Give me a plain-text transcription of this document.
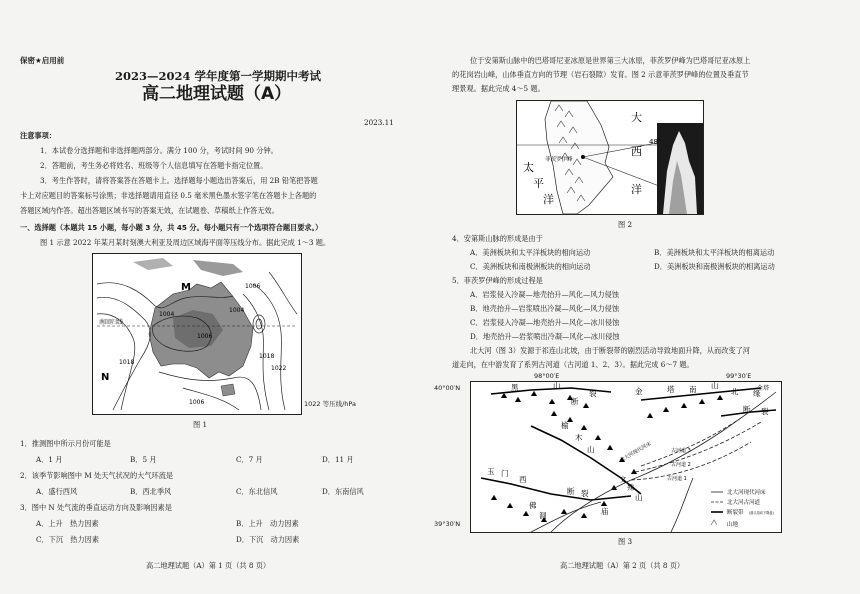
保密★启用前
2023—2024 学年度第一学期期中考试
高二地理试题（A）
2023.11
注意事项：
1．本试卷分选择题和非选择题两部分。满分 100 分，考试时间 90 分钟。
2．答题前，考生务必将姓名、班级等个人信息填写在答题卡指定位置。
3．考生作答时，请将答案答在答题卡上。选择题每小题选出答案后，用 2B 铅笔把答题
卡上对应题目的答案标号涂黑；非选择题请用直径 0.5 毫米黑色墨水签字笔在答题卡上各题的
答题区域内作答。超出答题区域书写的答案无效，在试题卷、草稿纸上作答无效。
一、选择题（本题共 15 小题，每小题 3 分，共 45 分。每小题只有一个选项符合题目要求。）
图 1 示意 2022 年某月某时刻澳大利亚及周边区域海平面等压线分布。据此完成 1～3 题。
南回归线
M
N
1006
1004
1004
1006
1018
1018
1022
1006	1022 等压线/hPa
图 1
1．推测图中所示月份可能是
A．1 月	B．5 月	C．7 月	D．11 月
2．该季节影响图中 M 处天气状况的大气环流是
A．盛行西风	B．西北季风	C．东北信风	D．东南信风
3．图中 N 处气流的垂直运动方向及影响因素是
A．上升　热力因素	B．上升　动力因素
C．下沉　热力因素	D．下沉　动力因素
高二地理试题（A）第 1 页（共 8 页）
位于安第斯山脉中的巴塔哥尼亚冰原是世界第三大冰原，菲茨罗伊峰为巴塔哥尼亚冰原上
的花岗岩山峰，山体垂直方向的节理（岩石裂隙）发育。图 2 示意菲茨罗伊峰的位置及垂直节
理景观。据此完成 4～5 题。
大
西
洋
太
平
洋
48°
菲茨罗伊峰
图 2
4．安第斯山脉的形成是由于
A．美洲板块和太平洋板块的相向运动	B．美洲板块和太平洋板块的相离运动
C．美洲板块和南极洲板块的相向运动	D．美洲板块和南极洲板块的相离运动
5．菲茨罗伊峰的形成过程是
A．岩浆侵入冷凝—地壳抬升—风化—风力侵蚀
B．地壳抬升—岩浆喷出冷凝—风化—风力侵蚀
C．岩浆侵入冷凝—地壳抬升—风化—冰川侵蚀
D．地壳抬升—岩浆喷出冷凝—风化—冰川侵蚀
北大河（图 3）发源于祁连山北坡，由于断裂带的剧烈活动导致地面升降，从而改变了河
道走向，在中游发育了系列古河道（古河道 1、2、3）。据此完成 6～7 题。
98°00′E	99°30′E
40°00′N
39°30′N
黑	山
断
裂	金	塔 南 山
北 缘
断 裂
榆
木
山
玉 门
西
断 裂
文
殊
山
佛
洞	庙
金塔
古河道 1
古河道 2
古河道 3
北大河现代河床
北大河现代河床
北大河古河道
断裂带 (箭头指向下降盘)
山地
图 3
高二地理试题（A）第 2 页（共 8 页）
